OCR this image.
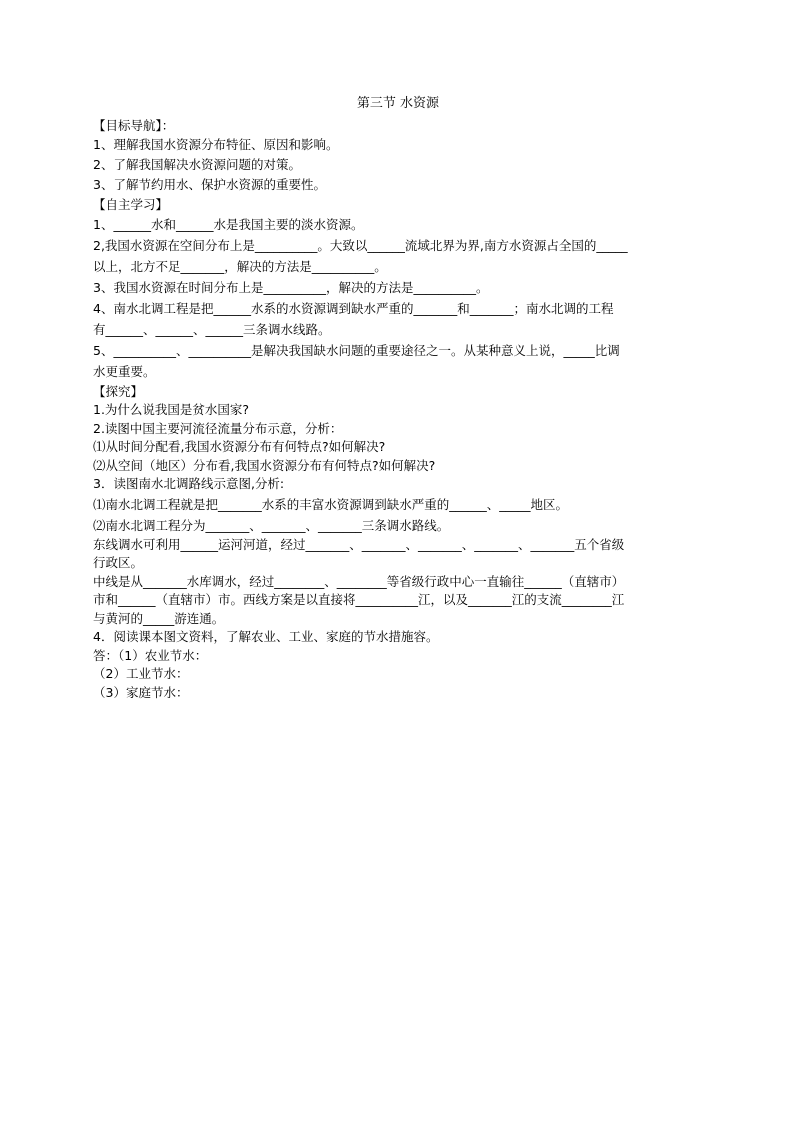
第三节 水资源
【目标导航】：
1、理解我国水资源分布特征、原因和影响。
2、了解我国解决水资源问题的对策。
3、了解节约用水、保护水资源的重要性。
【自主学习】
1、______水和______水是我国主要的淡水资源。
2,我国水资源在空间分布上是__________。大致以______流域北界为界,南方水资源占全国的_____
以上，北方不足_______，解决的方法是__________。
3、我国水资源在时间分布上是__________，解决的方法是__________。
4、南水北调工程是把______水系的水资源调到缺水严重的_______和_______；南水北调的工程
有______、______、______三条调水线路。
5、__________、__________是解决我国缺水问题的重要途径之一。从某种意义上说，_____比调
水更重要。
【探究】
1.为什么说我国是贫水国家?
2.读图中国主要河流径流量分布示意，分析：
⑴从时间分配看,我国水资源分布有何特点?如何解决?
⑵从空间（地区）分布看,我国水资源分布有何特点?如何解决?
3．读图南水北调路线示意图,分析:
⑴南水北调工程就是把_______水系的丰富水资源调到缺水严重的______、_____地区。
⑵南水北调工程分为_______、_______、_______三条调水路线。
东线调水可利用______运河河道，经过_______、_______、_______、_______、_______五个省级
行政区。
中线是从_______水库调水，经过________、________等省级行政中心一直输往______（直辖市）
市和______（直辖市）市。西线方案是以直接将__________江，以及_______江的支流________江
与黄河的_____游连通。
4．阅读课本图文资料，了解农业、工业、家庭的节水措施容。
答：（1）农业节水：
（2）工业节水：
（3）家庭节水：
